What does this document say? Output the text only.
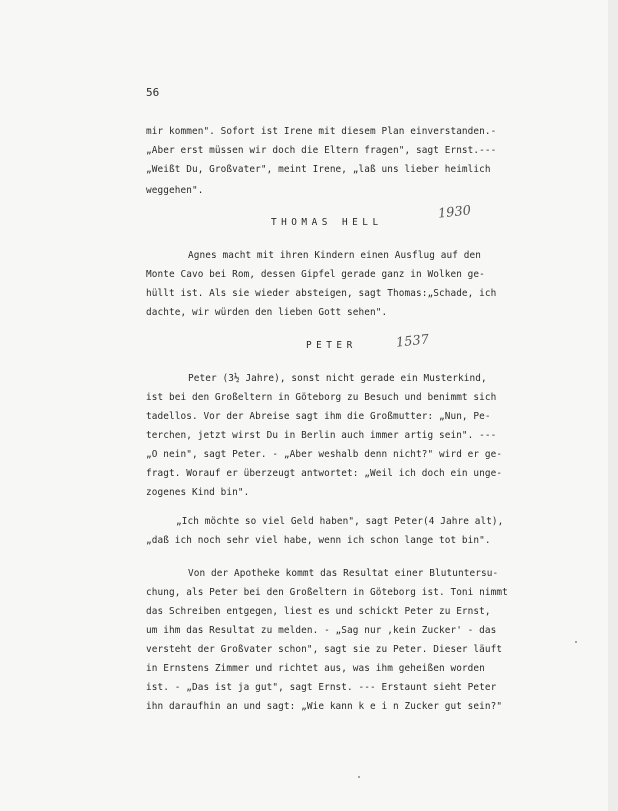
56
mir kommen". Sofort ist Irene mit diesem Plan einverstanden.-
„Aber erst müssen wir doch die Eltern fragen", sagt Ernst.---
„Weißt Du, Großvater", meint Irene, „laß uns lieber heimlich
weggehen".
THOMAS HELL
1930
Agnes macht mit ihren Kindern einen Ausflug auf den
Monte Cavo bei Rom, dessen Gipfel gerade ganz in Wolken ge-
hüllt ist. Als sie wieder absteigen, sagt Thomas:„Schade, ich
dachte, wir würden den lieben Gott sehen".
PETER	1537
Peter (3½ Jahre), sonst nicht gerade ein Musterkind,
ist bei den Großeltern in Göteborg zu Besuch und benimmt sich
tadellos. Vor der Abreise sagt ihm die Großmutter: „Nun, Pe-
terchen, jetzt wirst Du in Berlin auch immer artig sein". ---
„O nein", sagt Peter. - „Aber weshalb denn nicht?" wird er ge-
fragt. Worauf er überzeugt antwortet: „Weil ich doch ein unge-
zogenes Kind bin".
„Ich möchte so viel Geld haben", sagt Peter(4 Jahre alt),
„daß ich noch sehr viel habe, wenn ich schon lange tot bin".
Von der Apotheke kommt das Resultat einer Blutuntersu-
chung, als Peter bei den Großeltern in Göteborg ist. Toni nimmt
das Schreiben entgegen, liest es und schickt Peter zu Ernst,
um ihm das Resultat zu melden. - „Sag nur ‚kein Zucker' - das
versteht der Großvater schon", sagt sie zu Peter. Dieser läuft
in Ernstens Zimmer und richtet aus, was ihm geheißen worden
ist. - „Das ist ja gut", sagt Ernst. --- Erstaunt sieht Peter
ihn daraufhin an und sagt: „Wie kann k e i n Zucker gut sein?"
